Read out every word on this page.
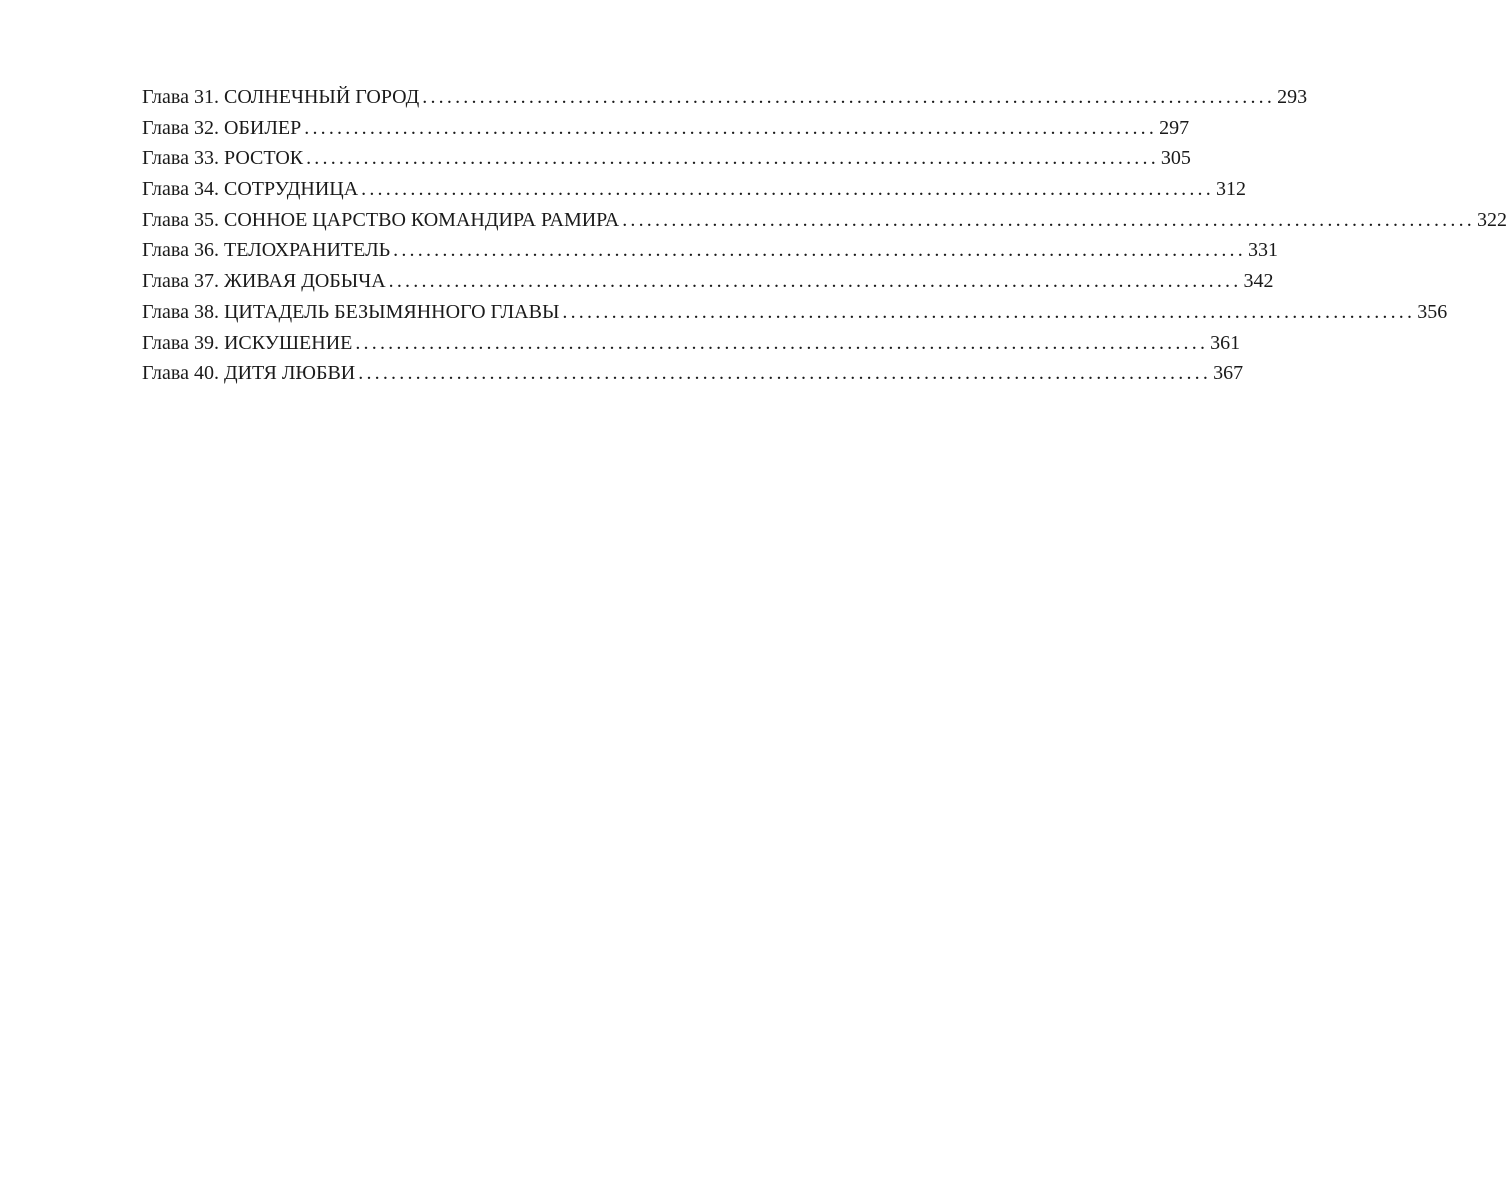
Глава 31. СОЛНЕЧНЫЙ ГОРОД ........................................................................................................ 293
Глава 32. ОБИЛЕР ........................................................................................................ 297
Глава 33. РОСТОК ........................................................................................................ 305
Глава 34. СОТРУДНИЦА ........................................................................................................ 312
Глава 35. СОННОЕ ЦАРСТВО КОМАНДИРА РАМИРА ........................................................................................................ 322
Глава 36. ТЕЛОХРАНИТЕЛЬ ........................................................................................................ 331
Глава 37. ЖИВАЯ ДОБЫЧА ........................................................................................................ 342
Глава 38. ЦИТАДЕЛЬ БЕЗЫМЯННОГО ГЛАВЫ ........................................................................................................ 356
Глава 39. ИСКУШЕНИЕ ........................................................................................................ 361
Глава 40. ДИТЯ ЛЮБВИ ........................................................................................................ 367
